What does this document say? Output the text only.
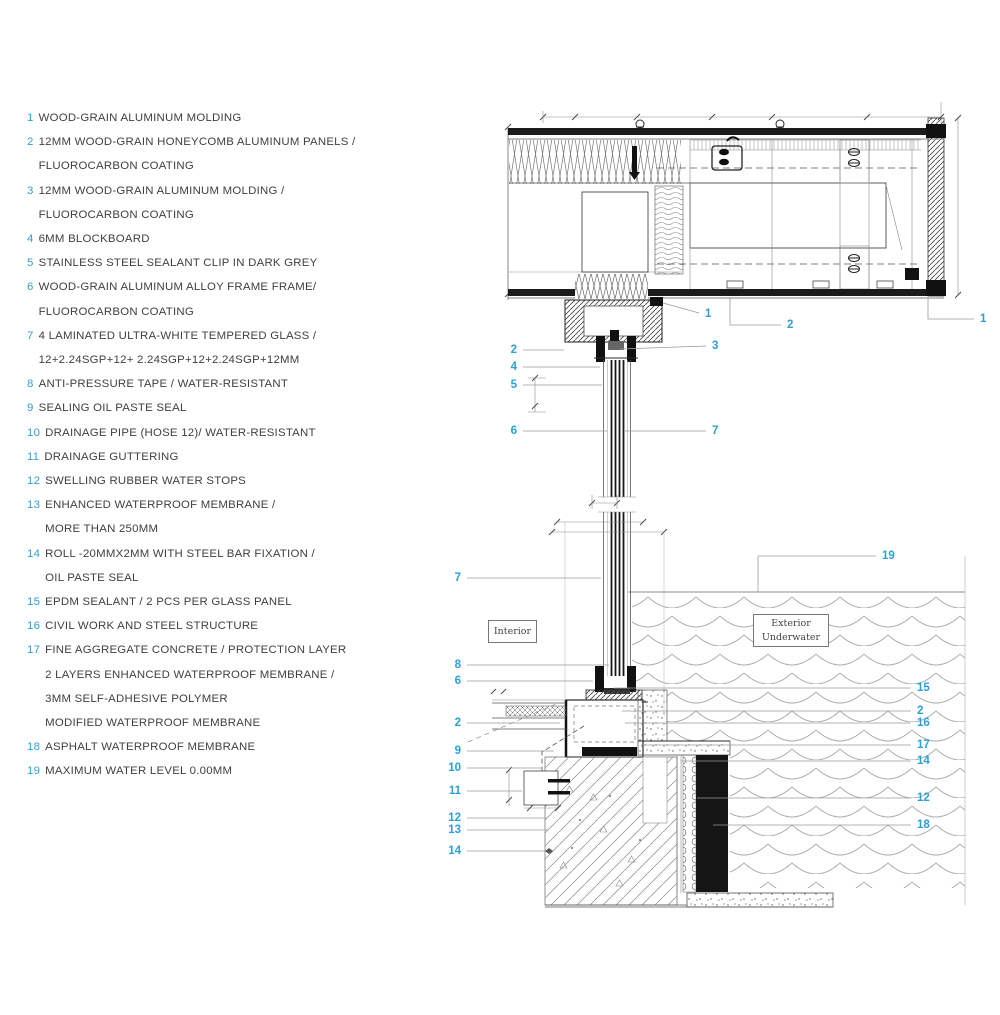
1 WOOD-GRAIN ALUMINUM MOLDING
2 12MM WOOD-GRAIN HONEYCOMB ALUMINUM PANELS /
FLUOROCARBON COATING
3 12MM WOOD-GRAIN ALUMINUM MOLDING /
FLUOROCARBON COATING
4 6MM BLOCKBOARD
5 STAINLESS STEEL SEALANT CLIP IN DARK GREY
6 WOOD-GRAIN ALUMINUM ALLOY FRAME FRAME/
FLUOROCARBON COATING
7 4 LAMINATED ULTRA-WHITE TEMPERED GLASS /
12+2.24SGP+12+ 2.24SGP+12+2.24SGP+12MM
8 ANTI-PRESSURE TAPE / WATER-RESISTANT
9 SEALING OIL PASTE SEAL
10 DRAINAGE PIPE (HOSE 12)/ WATER-RESISTANT
11 DRAINAGE GUTTERING
12 SWELLING RUBBER WATER STOPS
13 ENHANCED WATERPROOF MEMBRANE /
MORE THAN 250MM
14 ROLL -20MMX2MM WITH STEEL BAR FIXATION /
OIL PASTE SEAL
15 EPDM SEALANT / 2 PCS PER GLASS PANEL
16 CIVIL WORK AND STEEL STRUCTURE
17 FINE AGGREGATE CONCRETE / PROTECTION LAYER
2 LAYERS ENHANCED WATERPROOF MEMBRANE /
3MM SELF-ADHESIVE POLYMER
MODIFIED WATERPROOF MEMBRANE
18 ASPHALT WATERPROOF MEMBRANE
19 MAXIMUM WATER LEVEL 0.00MM
2
4
5
6
1
2	1
3
7
7
8
6
2
9
10
11
12
13
14
19
15
2
16
17
14
12
18
Interior
Exterior
Underwater
